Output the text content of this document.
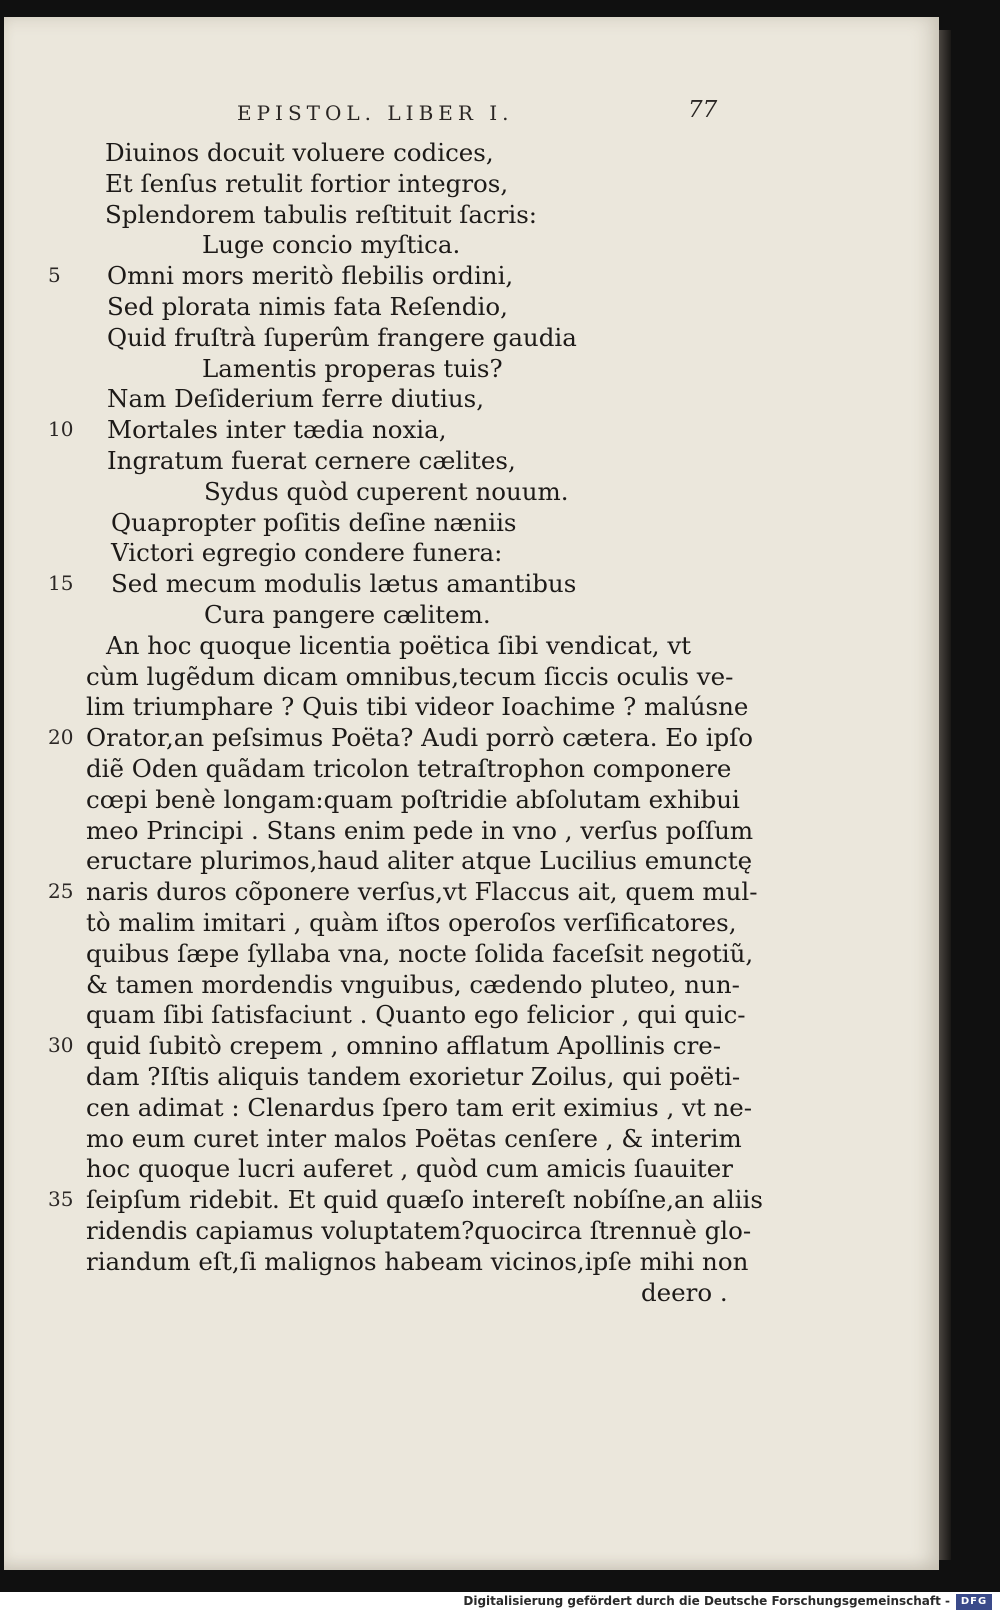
EPISTOL. LIBER I.	77
Diuinos docuit voluere codices,
Et ſenſus retulit fortior integros,
Splendorem tabulis reſtituit ſacris:
Luge concio myſtica.
5	Omni mors meritò flebilis ordini,
Sed plorata nimis fata Reſendio,
Quid fruſtrà ſuperûm frangere gaudia
Lamentis properas tuis?
Nam Deſiderium ferre diutius,
10	Mortales inter tædia noxia,
Ingratum fuerat cernere cælites,
Sydus quòd cuperent nouum.
Quapropter poſitis deſine næniis
Victori egregio condere funera:
15	Sed mecum modulis lætus amantibus
Cura pangere cælitem.
An hoc quoque licentia poëtica ſibi vendicat, vt
cùm lugẽdum dicam omnibus,tecum ſiccis oculis ve-
lim triumphare ? Quis tibi videor Ioachime ? malúsne
20 Orator,an peſsimus Poëta? Audi porrò cætera. Eo ipſo
diẽ Oden quãdam tricolon tetraſtrophon componere
cœpi benè longam:quam poſtridie abſolutam exhibui
meo Principi . Stans enim pede in vno , verſus poſſum
eructare plurimos,haud aliter atque Lucilius emunctę
25 naris duros cõponere verſus,vt Flaccus ait, quem mul-
tò malim imitari , quàm iſtos operoſos verſificatores,
quibus ſæpe ſyllaba vna, nocte ſolida faceſsit negotiũ,
& tamen mordendis vnguibus, cædendo pluteo, nun-
quam ſibi ſatisfaciunt . Quanto ego felicior , qui quic-
30 quid ſubitò crepem , omnino afflatum Apollinis cre-
dam ?Iſtis aliquis tandem exorietur Zoilus, qui poëti-
cen adimat : Clenardus ſpero tam erit eximius , vt ne-
mo eum curet inter malos Poëtas cenſere , & interim
hoc quoque lucri auferet , quòd cum amicis ſuauiter
35 ſeipſum ridebit. Et quid quæſo intereſt nobíſne,an aliis
ridendis capiamus voluptatem?quocirca ſtrennuè glo-
riandum eſt,ſi malignos habeam vicinos,ipſe mihi non
deero .
Digitalisierung gefördert durch die Deutsche Forschungsgemeinschaft -	DFG
